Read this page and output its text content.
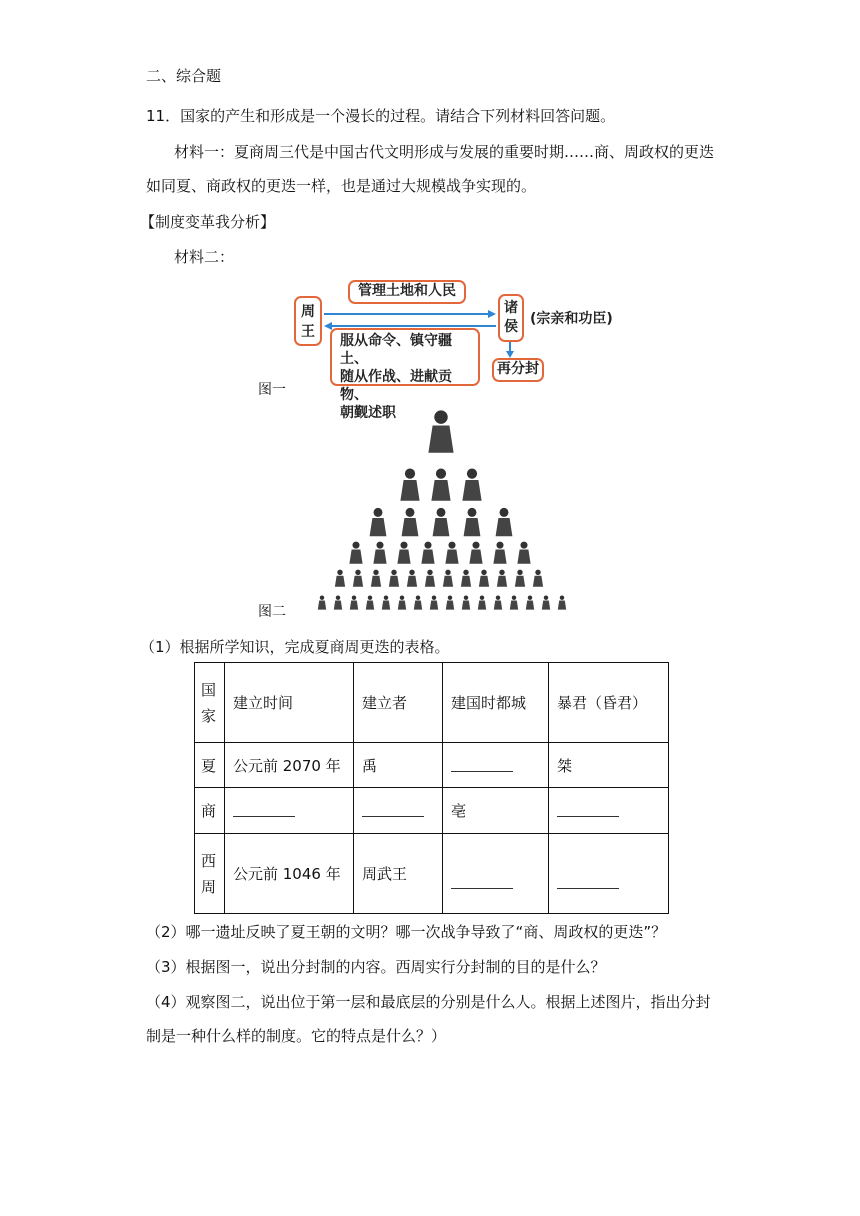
二、综合题
11．国家的产生和形成是一个漫长的过程。请结合下列材料回答问题。
材料一：夏商周三代是中国古代文明形成与发展的重要时期……商、周政权的更迭
如同夏、商政权的更迭一样，也是通过大规模战争实现的。
【制度变革我分析】
材料二：
周
王
管理土地和人民
诸
侯 (宗亲和功臣)
服从命令、镇守疆土、
随从作战、进献贡物、
朝觐述职
再分封
图一
图二
（1）根据所学知识，完成夏商周更迭的表格。
国家	建立时间	建立者	建国时都城	暴君（昏君）
夏	公元前 2070 年	禹		桀
商			亳	
西周	公元前 1046 年	周武王		
（2）哪一遗址反映了夏王朝的文明？哪一次战争导致了“商、周政权的更迭”？
（3）根据图一，说出分封制的内容。西周实行分封制的目的是什么？
（4）观察图二，说出位于第一层和最底层的分别是什么人。根据上述图片，指出分封
制是一种什么样的制度。它的特点是什么？）
